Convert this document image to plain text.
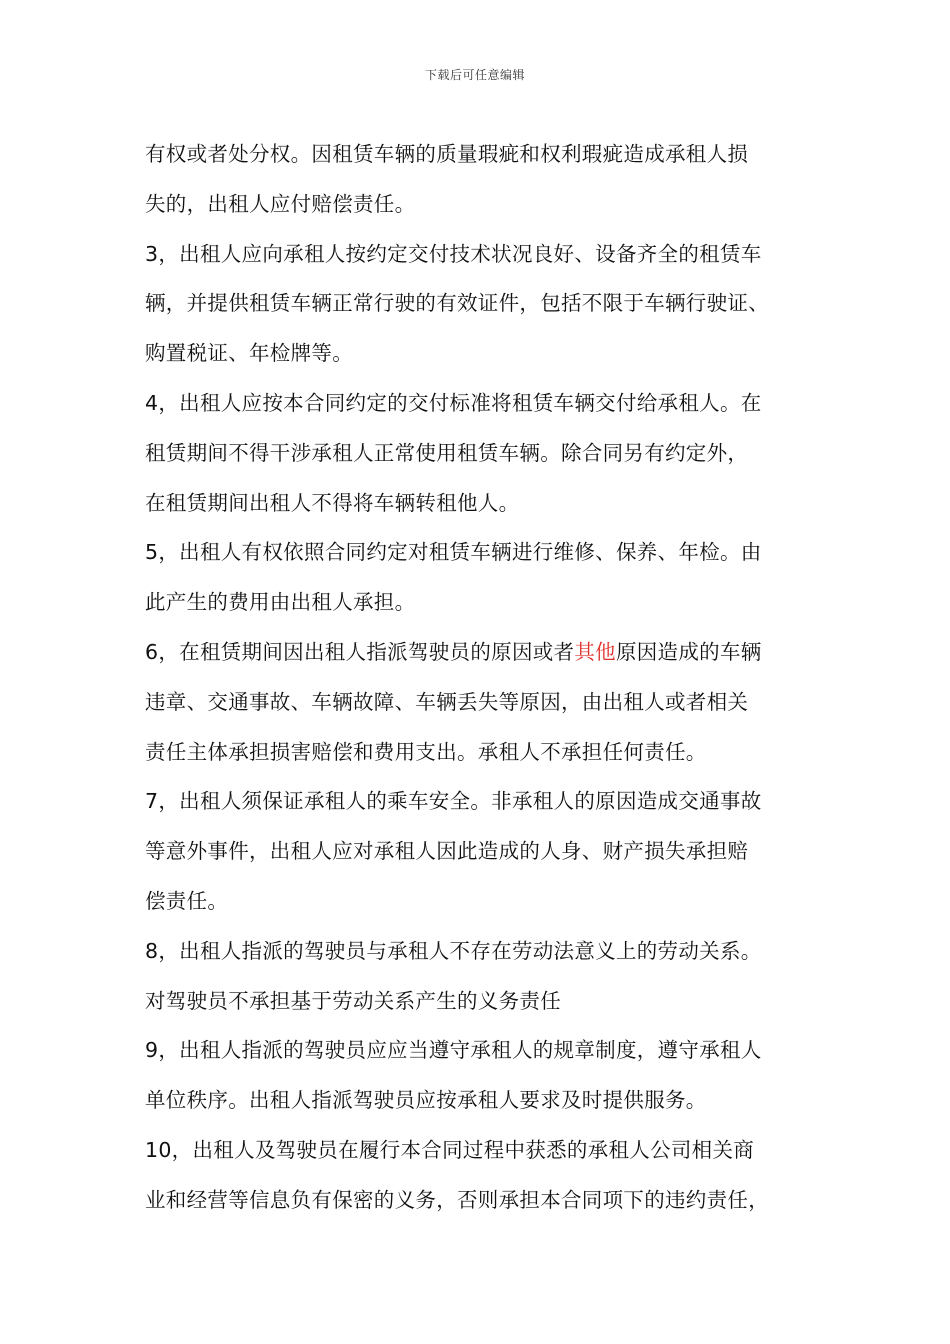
下载后可任意编辑
有权或者处分权。因租赁车辆的质量瑕疵和权利瑕疵造成承租人损
失的，出租人应付赔偿责任。
3，出租人应向承租人按约定交付技术状况良好、设备齐全的租赁车
辆，并提供租赁车辆正常行驶的有效证件，包括不限于车辆行驶证、
购置税证、年检牌等。
4，出租人应按本合同约定的交付标准将租赁车辆交付给承租人。在
租赁期间不得干涉承租人正常使用租赁车辆。除合同另有约定外，
在租赁期间出租人不得将车辆转租他人。
5，出租人有权依照合同约定对租赁车辆进行维修、保养、年检。由
此产生的费用由出租人承担。
6，在租赁期间因出租人指派驾驶员的原因或者其他原因造成的车辆
违章、交通事故、车辆故障、车辆丢失等原因，由出租人或者相关
责任主体承担损害赔偿和费用支出。承租人不承担任何责任。
7，出租人须保证承租人的乘车安全。非承租人的原因造成交通事故
等意外事件，出租人应对承租人因此造成的人身、财产损失承担赔
偿责任。
8，出租人指派的驾驶员与承租人不存在劳动法意义上的劳动关系。
对驾驶员不承担基于劳动关系产生的义务责任
9，出租人指派的驾驶员应应当遵守承租人的规章制度，遵守承租人
单位秩序。出租人指派驾驶员应按承租人要求及时提供服务。
10，出租人及驾驶员在履行本合同过程中获悉的承租人公司相关商
业和经营等信息负有保密的义务，否则承担本合同项下的违约责任，
